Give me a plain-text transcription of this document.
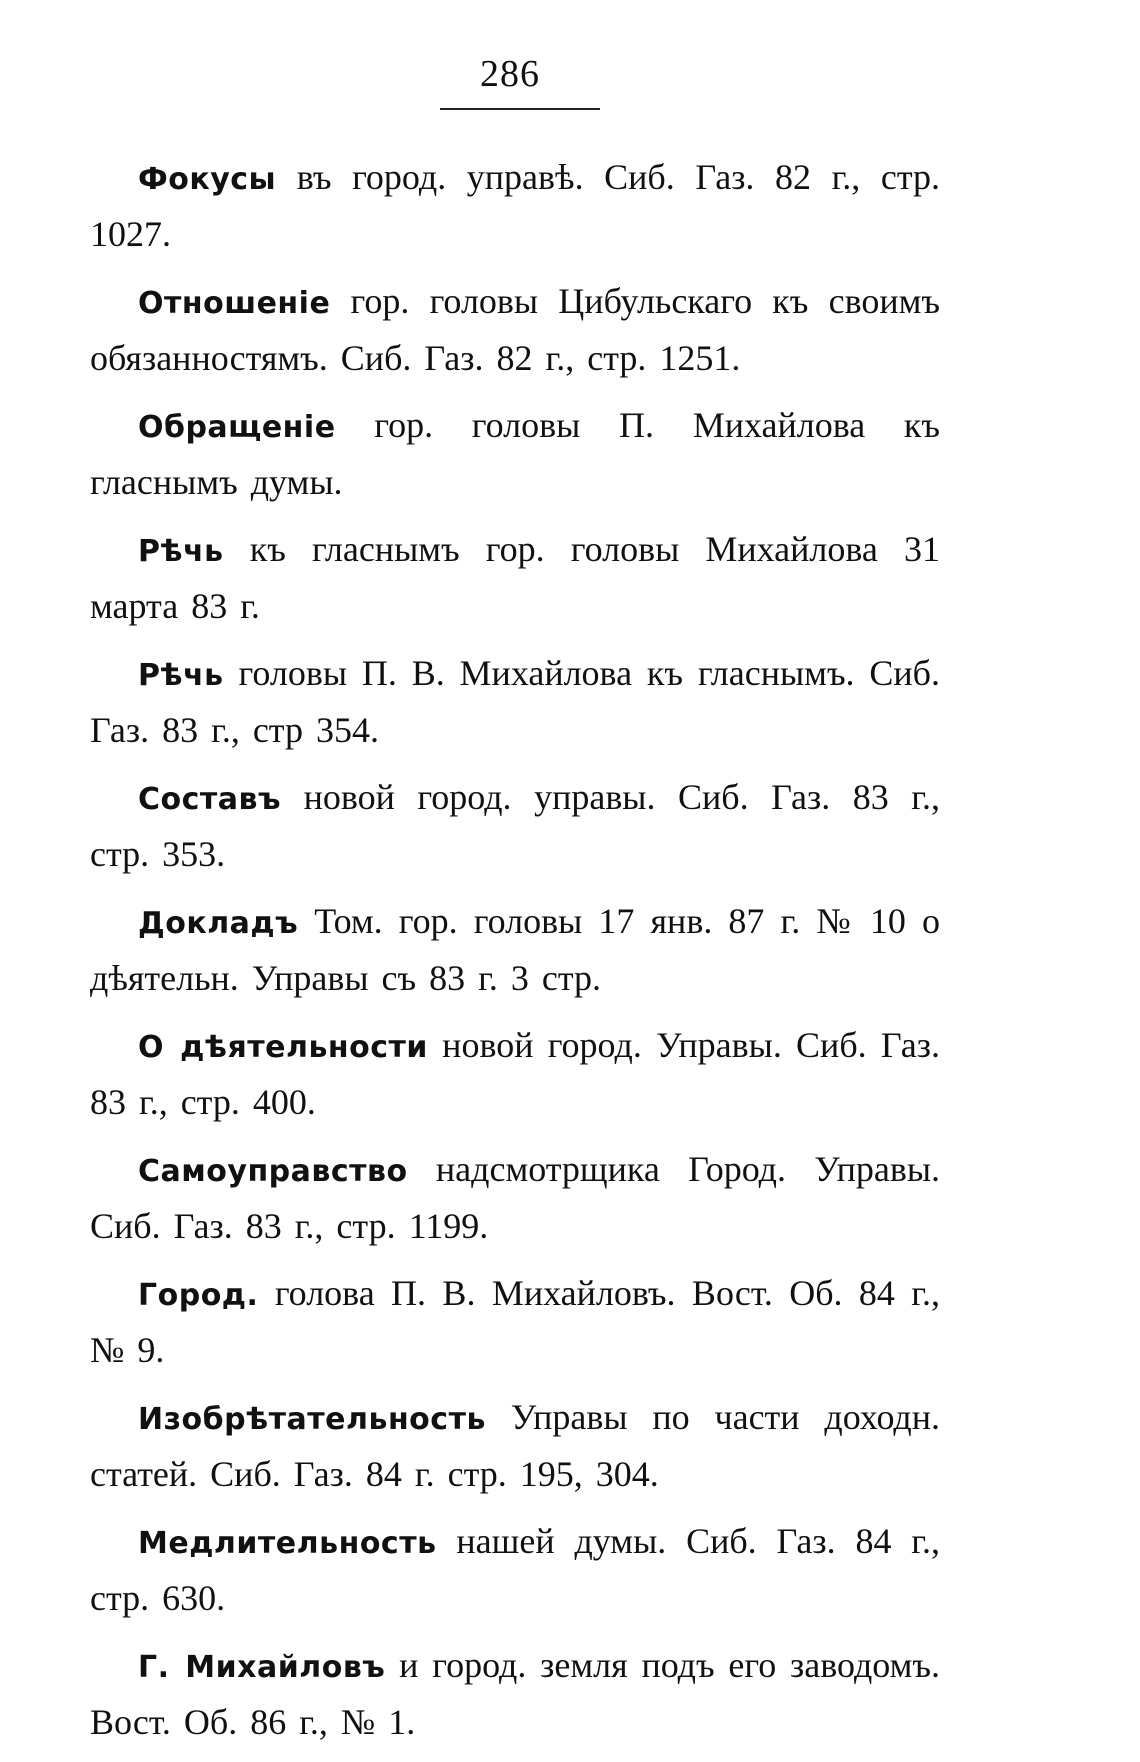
286

Фокусы въ город. управѣ. Сиб. Газ. 82 г., стр. 1027.

Отношеніе гор. головы Цибульскаго къ своимъ обязанностямъ. Сиб. Газ. 82 г., стр. 1251.

Обращеніе гор. головы П. Михайлова къ гласнымъ думы.

Рѣчь къ гласнымъ гор. головы Михайлова 31 марта 83 г.

Рѣчь головы П. В. Михайлова къ гласнымъ. Сиб. Газ. 83 г., стр 354.

Составъ новой город. управы. Сиб. Газ. 83 г., стр. 353.

Докладъ Том. гор. головы 17 янв. 87 г. № 10 о дѣятельн. Управы съ 83 г. 3 стр.

О дѣятельности новой город. Управы. Сиб. Газ. 83 г., стр. 400.

Самоуправство надсмотрщика Город. Управы. Сиб. Газ. 83 г., стр. 1199.

Город. голова П. В. Михайловъ. Вост. Об. 84 г., № 9.

Изобрѣтательность Управы по части доходн. статей. Сиб. Газ. 84 г. стр. 195, 304.

Медлительность нашей думы. Сиб. Газ. 84 г., стр. 630.

Г. Михайловъ и город. земля подъ его заводомъ. Вост. Об. 86 г., № 1.
